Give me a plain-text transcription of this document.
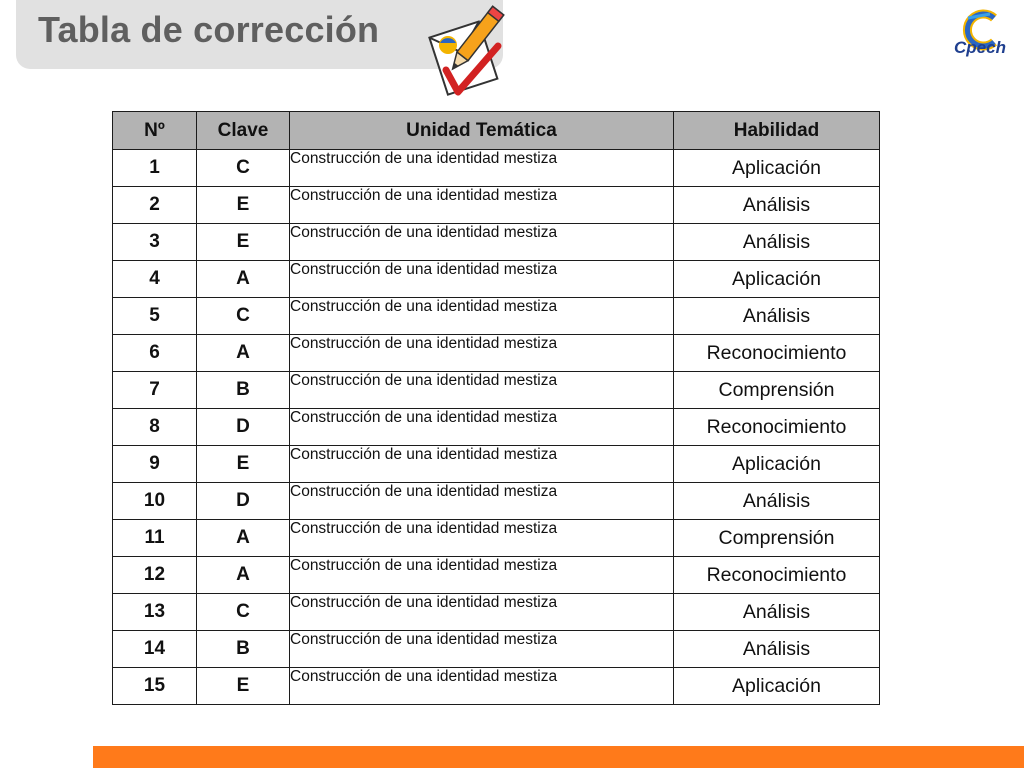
Tabla de corrección	Cpech
Nº	Clave	Unidad Temática	Habilidad
1	C	Construcción de una identidad mestiza	Aplicación
2	E	Construcción de una identidad mestiza	Análisis
3	E	Construcción de una identidad mestiza	Análisis
4	A	Construcción de una identidad mestiza	Aplicación
5	C	Construcción de una identidad mestiza	Análisis
6	A	Construcción de una identidad mestiza	Reconocimiento
7	B	Construcción de una identidad mestiza	Comprensión
8	D	Construcción de una identidad mestiza	Reconocimiento
9	E	Construcción de una identidad mestiza	Aplicación
10	D	Construcción de una identidad mestiza	Análisis
11	A	Construcción de una identidad mestiza	Comprensión
12	A	Construcción de una identidad mestiza	Reconocimiento
13	C	Construcción de una identidad mestiza	Análisis
14	B	Construcción de una identidad mestiza	Análisis
15	E	Construcción de una identidad mestiza	Aplicación
